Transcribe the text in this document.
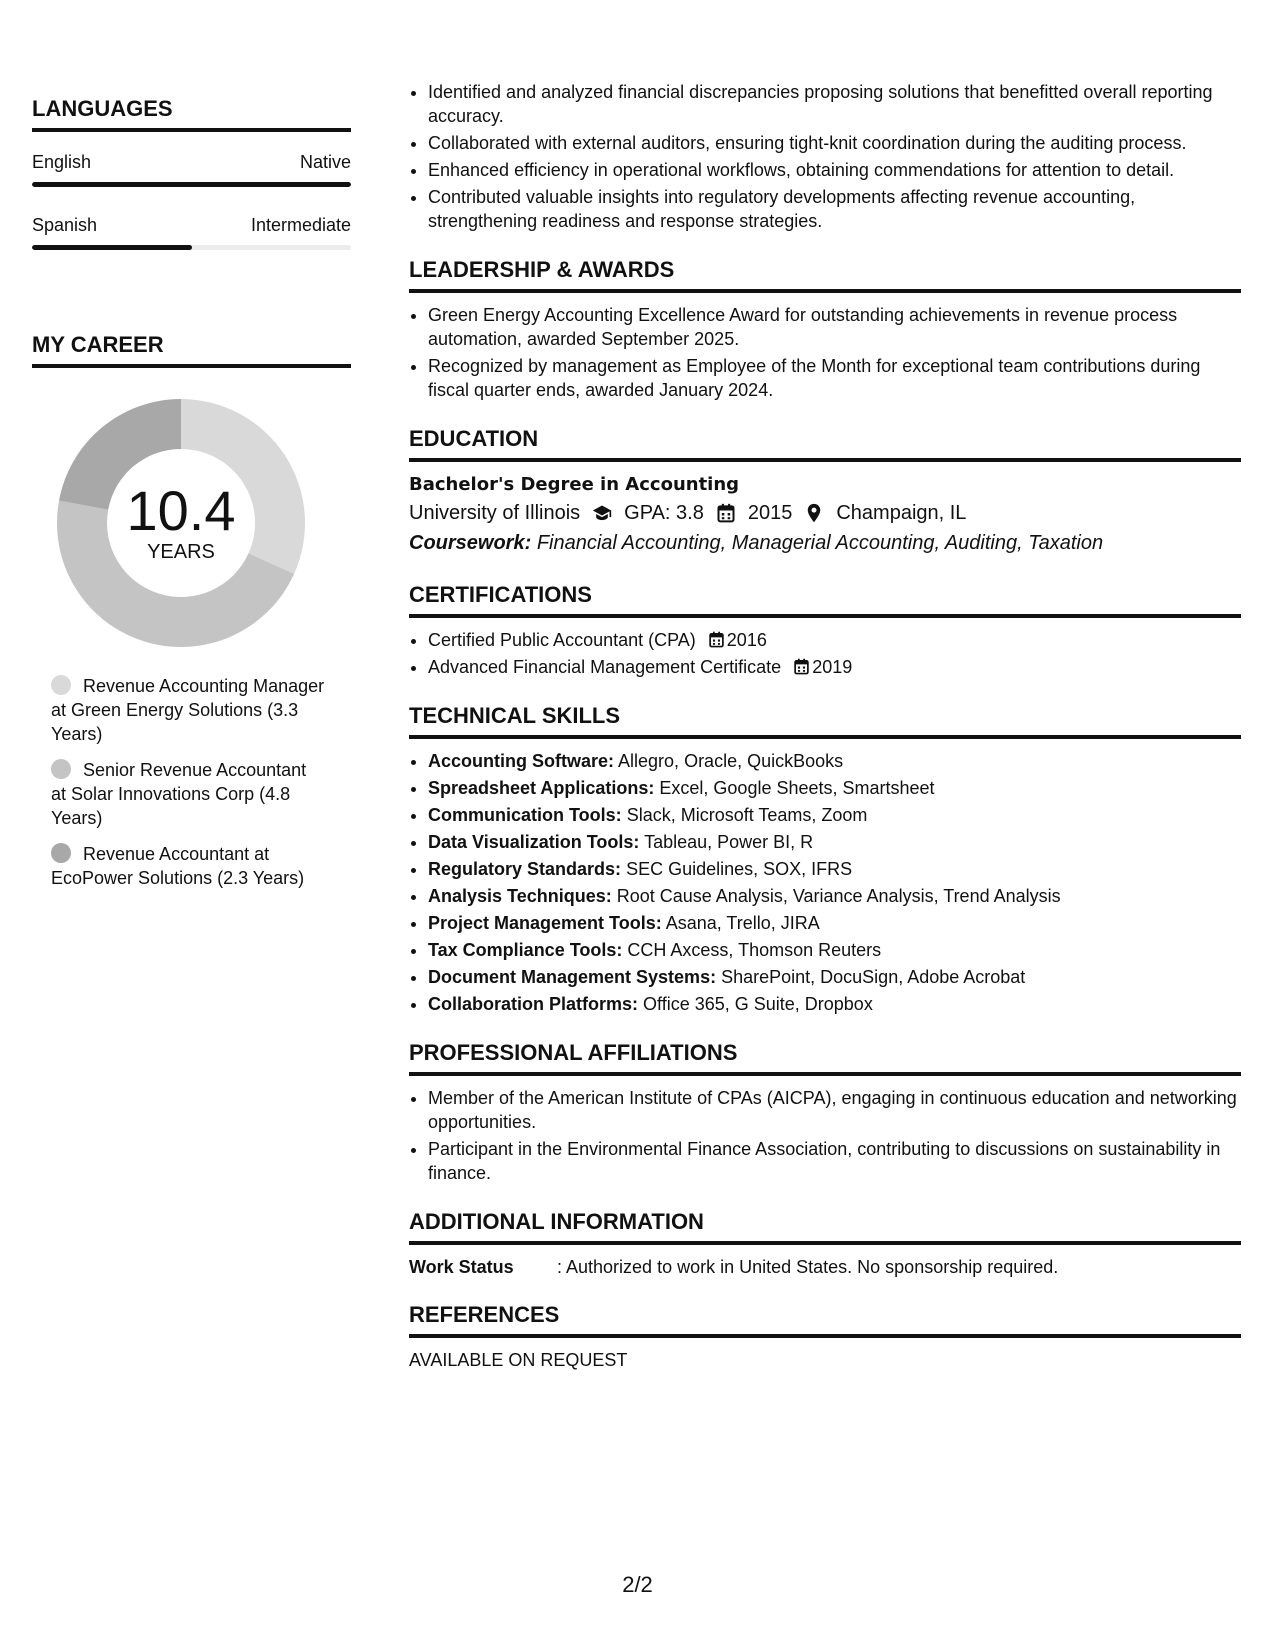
LANGUAGES
English	Native
Spanish	Intermediate
MY CAREER
10.4
YEARS
Revenue Accounting Manager at Green Energy Solutions (3.3 Years)
Senior Revenue Accountant at Solar Innovations Corp (4.8 Years)
Revenue Accountant at EcoPower Solutions (2.3 Years)
• Identified and analyzed financial discrepancies proposing solutions that benefitted overall reporting accuracy.
• Collaborated with external auditors, ensuring tight-knit coordination during the auditing process.
• Enhanced efficiency in operational workflows, obtaining commendations for attention to detail.
• Contributed valuable insights into regulatory developments affecting revenue accounting, strengthening readiness and response strategies.
LEADERSHIP & AWARDS
• Green Energy Accounting Excellence Award for outstanding achievements in revenue process automation, awarded September 2025.
• Recognized by management as Employee of the Month for exceptional team contributions during fiscal quarter ends, awarded January 2024.
EDUCATION
Bachelor's Degree in Accounting
University of Illinois GPA: 3.8 2015 Champaign, IL
Coursework: Financial Accounting, Managerial Accounting, Auditing, Taxation
CERTIFICATIONS
• Certified Public Accountant (CPA) 2016
• Advanced Financial Management Certificate 2019
TECHNICAL SKILLS
• Accounting Software: Allegro, Oracle, QuickBooks
• Spreadsheet Applications: Excel, Google Sheets, Smartsheet
• Communication Tools: Slack, Microsoft Teams, Zoom
• Data Visualization Tools: Tableau, Power BI, R
• Regulatory Standards: SEC Guidelines, SOX, IFRS
• Analysis Techniques: Root Cause Analysis, Variance Analysis, Trend Analysis
• Project Management Tools: Asana, Trello, JIRA
• Tax Compliance Tools: CCH Axcess, Thomson Reuters
• Document Management Systems: SharePoint, DocuSign, Adobe Acrobat
• Collaboration Platforms: Office 365, G Suite, Dropbox
PROFESSIONAL AFFILIATIONS
• Member of the American Institute of CPAs (AICPA), engaging in continuous education and networking opportunities.
• Participant in the Environmental Finance Association, contributing to discussions on sustainability in finance.
ADDITIONAL INFORMATION
Work Status	: Authorized to work in United States. No sponsorship required.
REFERENCES
AVAILABLE ON REQUEST
2/2
